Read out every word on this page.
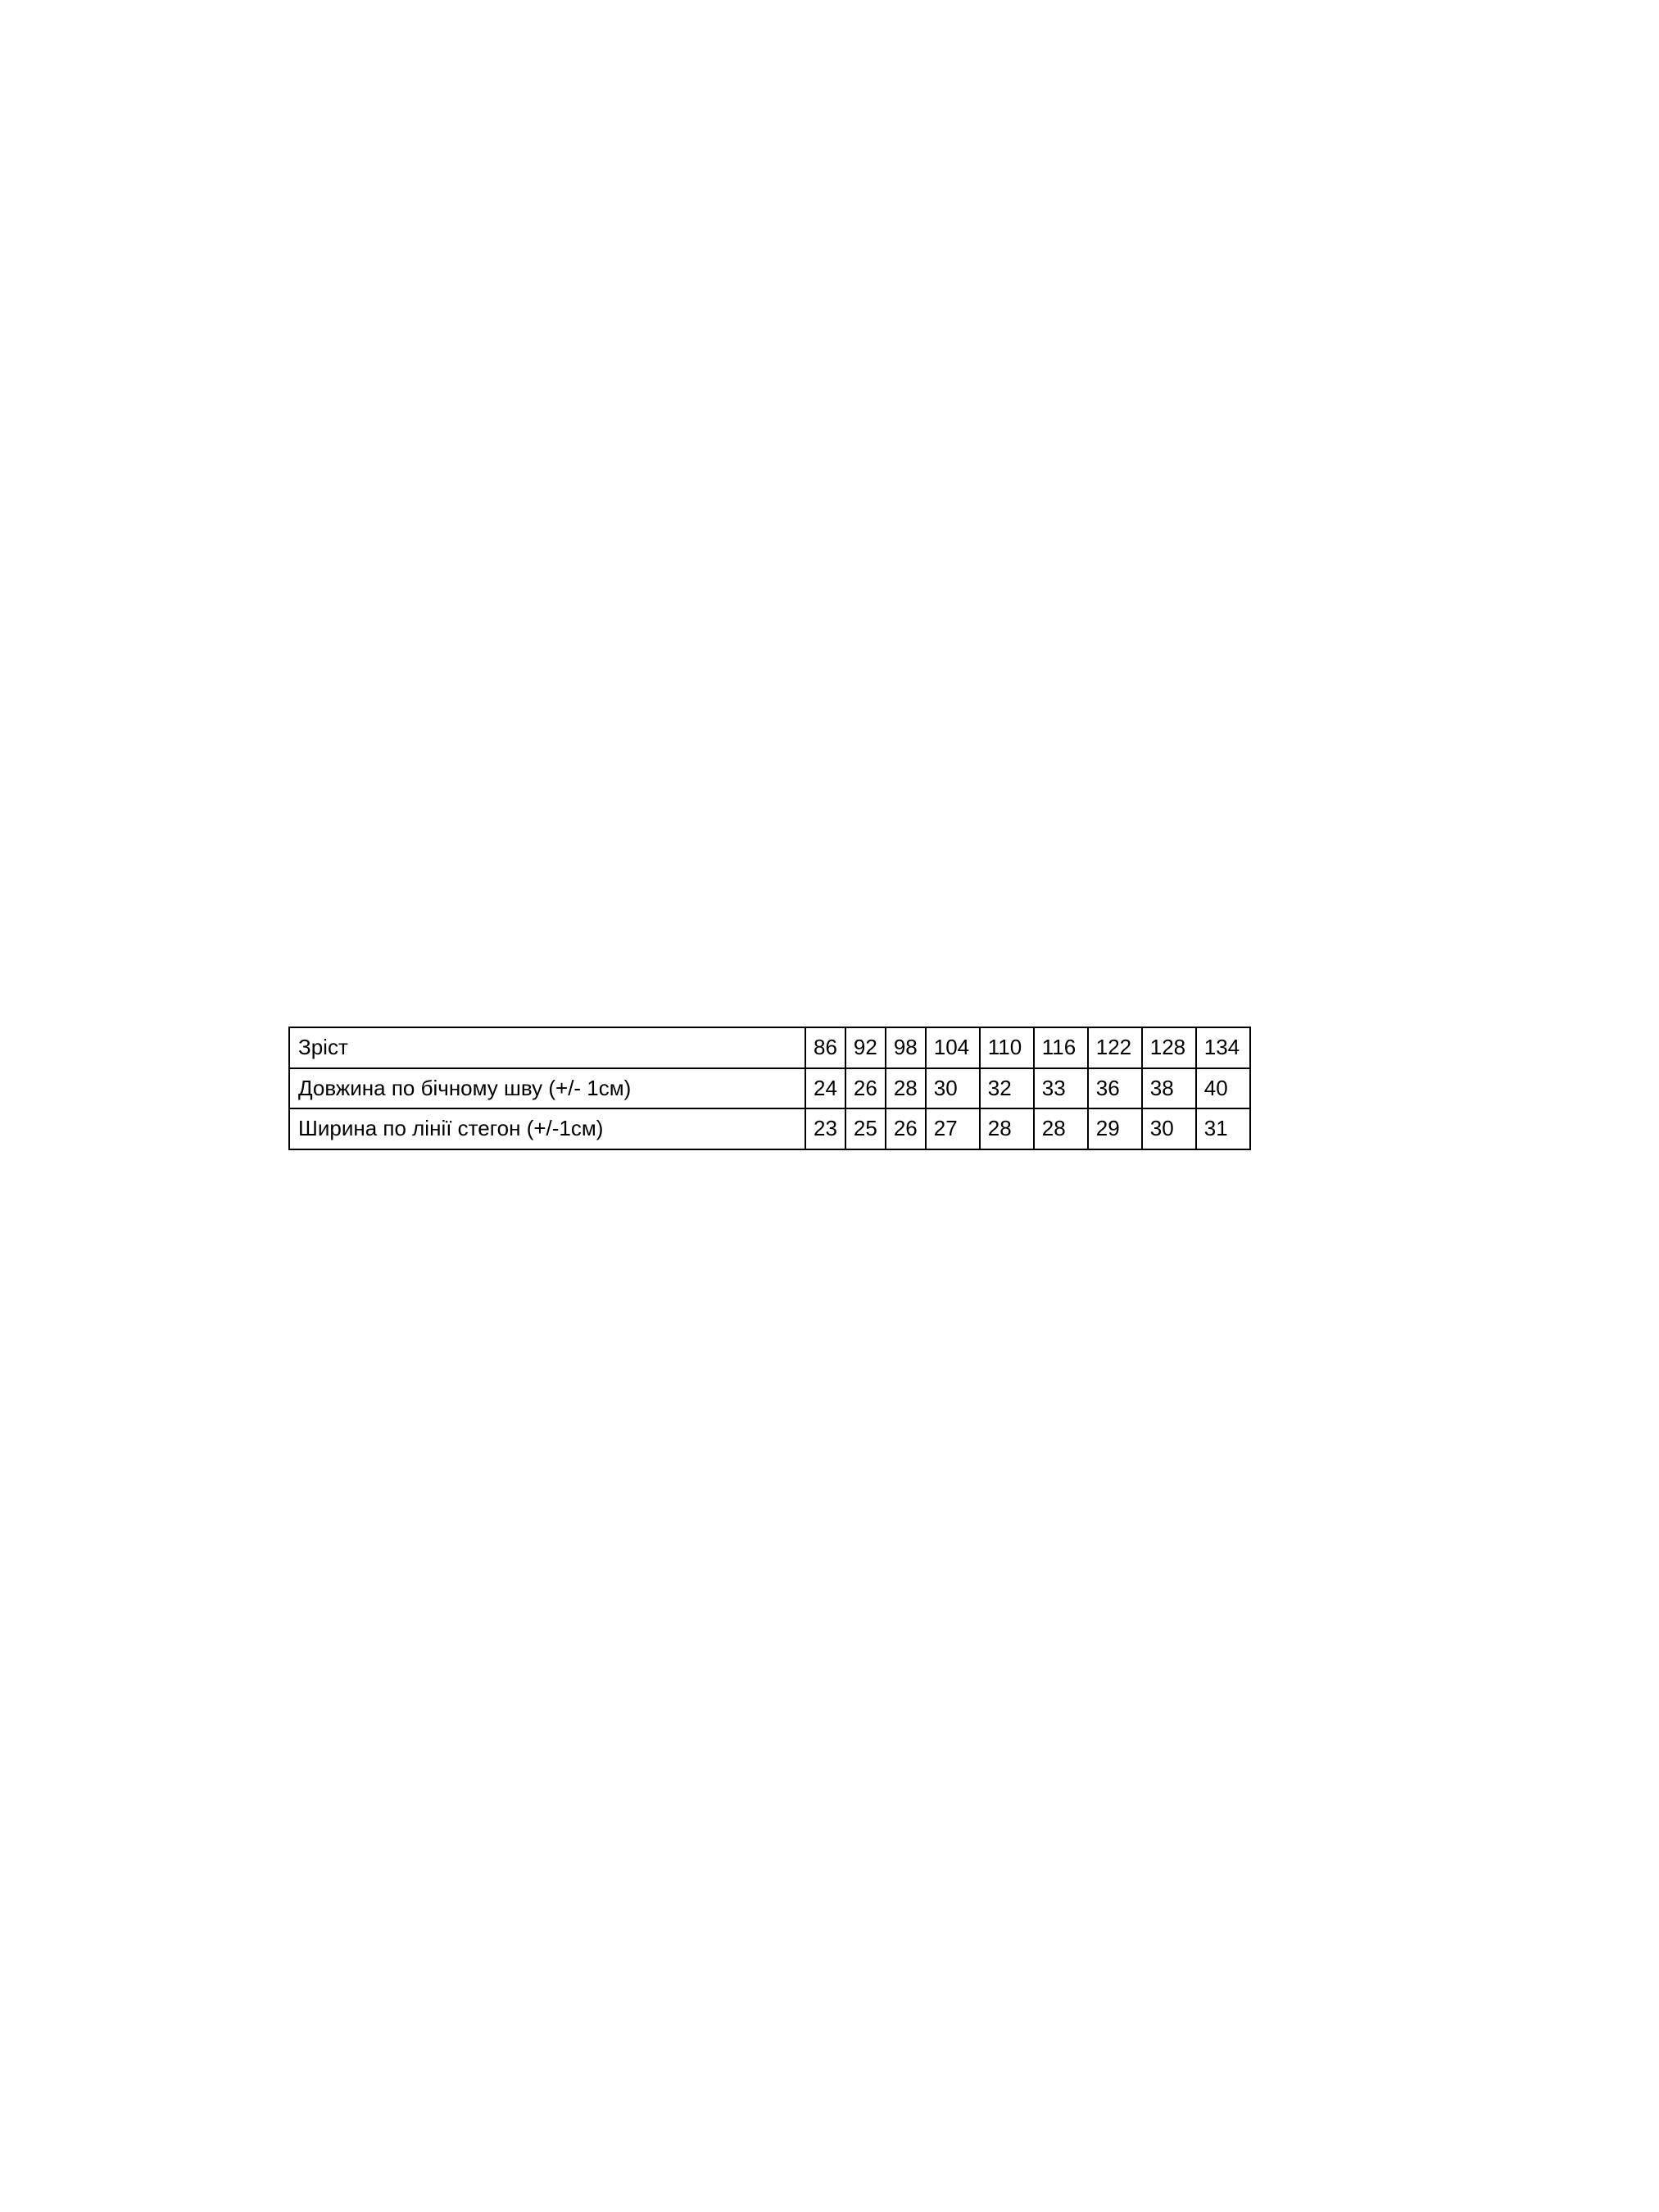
Зріст	86	92	98	104	110	116	122	128	134
Довжина по бічному шву (+/- 1см)	24	26	28	30	32	33	36	38	40
Ширина по лінії стегон (+/-1см)	23	25	26	27	28	28	29	30	31
